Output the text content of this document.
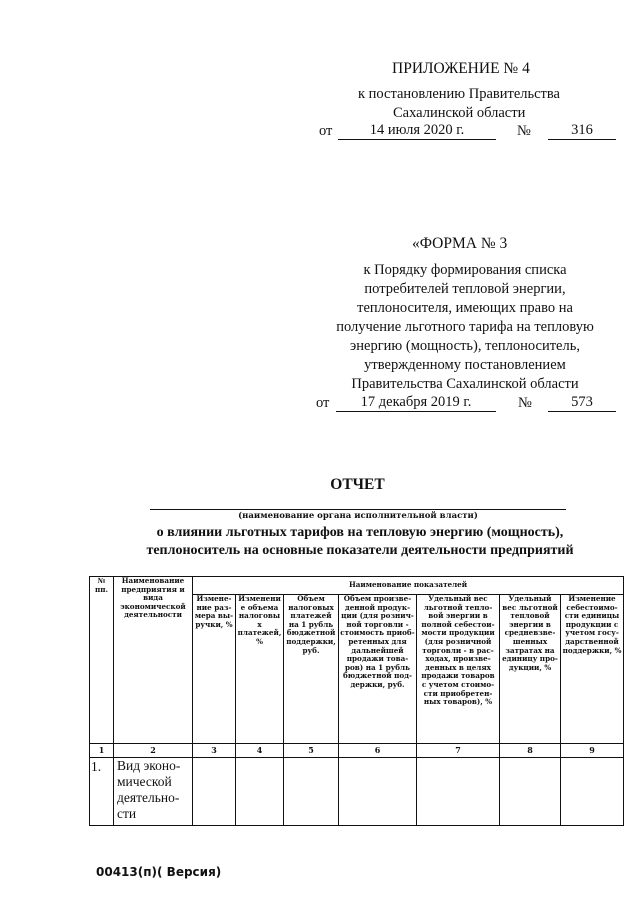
ПРИЛОЖЕНИЕ № 4
к постановлению Правительства
Сахалинской области
от	14 июля 2020 г.	№	316
«ФОРМА № 3
к Порядку формирования списка
потребителей тепловой энергии,
теплоносителя, имеющих право на
получение льготного тарифа на тепловую
энергию (мощность), теплоноситель,
утвержденному постановлением
Правительства Сахалинской области
от	17 декабря 2019 г.	№	573
ОТЧЕТ
(наименование органа исполнительной власти)
о влиянии льготных тарифов на тепловую энергию (мощность),
теплоноситель на основные показатели деятельности предприятий
№ пп.	Наименование предприятия и вида экономической деятельности	Наименование показателей						
		Измене-ние раз-мера вы-ручки, %	Изменение объема налоговых платежей, %	Объем налоговых платежей на 1 рубль бюджетной поддержки, руб.	Объем произве-денной продук-ции (для рознич-ной торговли - стоимость приоб-ретенных для дальнейшей продажи това-ров) на 1 рубль бюджетной под-держки, руб.	Удельный вес льготной тепло-вой энергии в полной себестои-мости продукции (для розничной торговли - в рас-ходах, произве-денных в целях продажи товаров с учетом стоимо-сти приобретен-ных товаров), %	Удельный вес льготной тепловой энергии в средневзве-шенных затратах на единицу про-дукции, %	Изменение себестоимо-сти единицы продукции с учетом госу-дарственной поддержки, %
1	2	3	4	5	6	7	8	9
1.	Вид эконо-мической деятельно-сти							
00413(п)( Версия)
